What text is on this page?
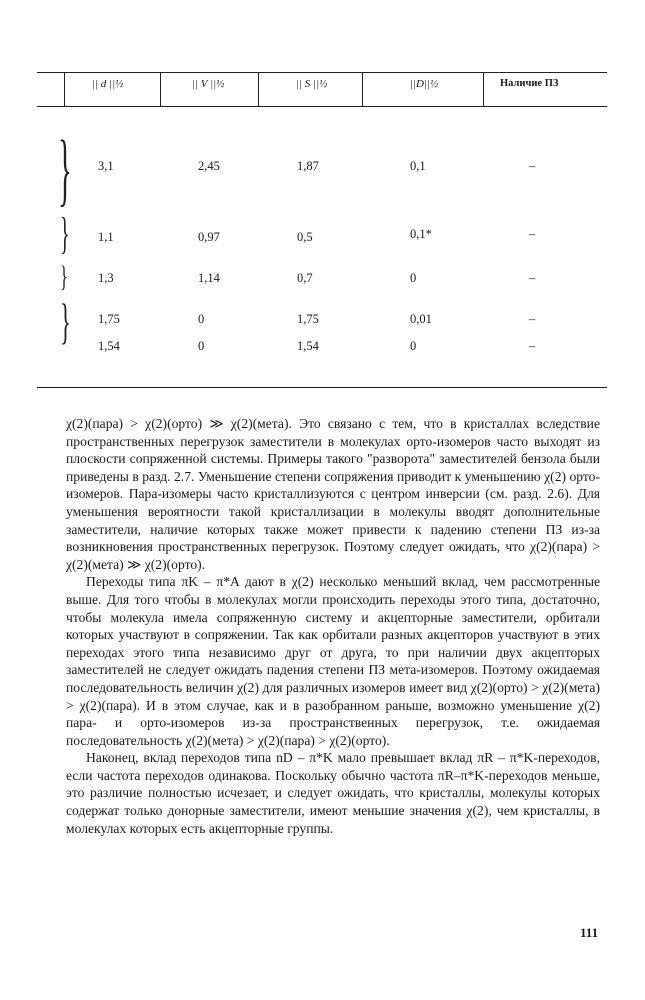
|| d ||½	|| V ||½	|| S ||½	||D||½	Наличие ПЗ
}
}
}
}
3,1	2,45	1,87	0,1	–
1,1	0,97	0,5	0,1*	–
1,3	1,14	0,7	0	–
1,75	0	1,75	0,01	–
1,54	0	1,54	0	–

χ(2)(пара) > χ(2)(орто) ≫ χ(2)(мета). Это связано с тем, что в кристаллах вследствие пространственных перегрузок заместители в молекулах орто-изомеров часто выходят из плоскости сопряженной системы. Примеры такого "разворота" заместителей бензола были приведены в разд. 2.7. Уменьшение степени сопряжения приводит к уменьшению χ(2) орто-изомеров. Пара-изомеры часто кристаллизуются с центром инверсии (см. разд. 2.6). Для уменьшения вероятности такой кристаллизации в молекулы вводят дополнительные заместители, наличие которых также может привести к падению степени ПЗ из-за возникновения пространственных перегрузок. Поэтому следует ожидать, что χ(2)(пара) > χ(2)(мета) ≫ χ(2)(орто).

Переходы типа πK – π*A дают в χ(2) несколько меньший вклад, чем рассмотренные выше. Для того чтобы в молекулах могли происходить переходы этого типа, достаточно, чтобы молекула имела сопряженную систему и акцепторные заместители, орбитали которых участвуют в сопряжении. Так как орбитали разных акцепторов участвуют в этих переходах этого типа независимо друг от друга, то при наличии двух акцепторых заместителей не следует ожидать падения степени ПЗ мета-изомеров. Поэтому ожидаемая последовательность величин χ(2) для различных изомеров имеет вид χ(2)(орто) > χ(2)(мета) > χ(2)(пара). И в этом случае, как и в разобранном раньше, возможно уменьшение χ(2) пара- и орто-изомеров из-за пространственных перегрузок, т.е. ожидаемая последовательность χ(2)(мета) > χ(2)(пара) > χ(2)(орто).

Наконец, вклад переходов типа nD – π*K мало превышает вклад πR – π*K-переходов, если частота переходов одинакова. Поскольку обычно частота πR–π*K-переходов меньше, это различие полностью исчезает, и следует ожидать, что кристаллы, молекулы которых содержат только донорные заместители, имеют меньшие значения χ(2), чем кристаллы, в молекулах которых есть акцепторные группы.

111
